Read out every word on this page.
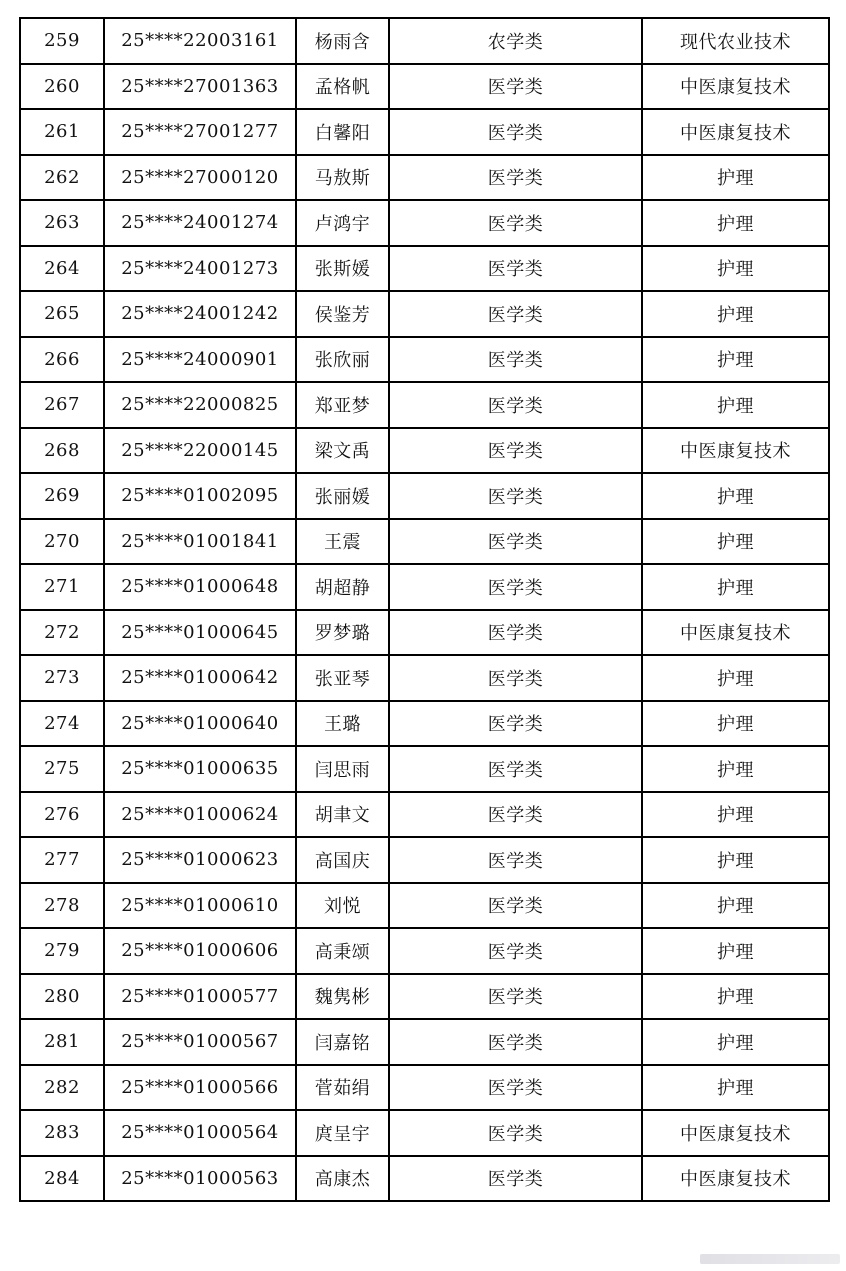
259	25****22003161	杨雨含	农学类	现代农业技术
260	25****27001363	孟格帆	医学类	中医康复技术
261	25****27001277	白馨阳	医学类	中医康复技术
262	25****27000120	马敖斯	医学类	护理
263	25****24001274	卢鸿宇	医学类	护理
264	25****24001273	张斯媛	医学类	护理
265	25****24001242	侯鉴芳	医学类	护理
266	25****24000901	张欣丽	医学类	护理
267	25****22000825	郑亚梦	医学类	护理
268	25****22000145	梁文禹	医学类	中医康复技术
269	25****01002095	张丽媛	医学类	护理
270	25****01001841	王震	医学类	护理
271	25****01000648	胡超静	医学类	护理
272	25****01000645	罗梦璐	医学类	中医康复技术
273	25****01000642	张亚琴	医学类	护理
274	25****01000640	王璐	医学类	护理
275	25****01000635	闫思雨	医学类	护理
276	25****01000624	胡聿文	医学类	护理
277	25****01000623	高国庆	医学类	护理
278	25****01000610	刘悦	医学类	护理
279	25****01000606	高秉颂	医学类	护理
280	25****01000577	魏隽彬	医学类	护理
281	25****01000567	闫嘉铭	医学类	护理
282	25****01000566	菅茹绢	医学类	护理
283	25****01000564	庹呈宇	医学类	中医康复技术
284	25****01000563	高康杰	医学类	中医康复技术
